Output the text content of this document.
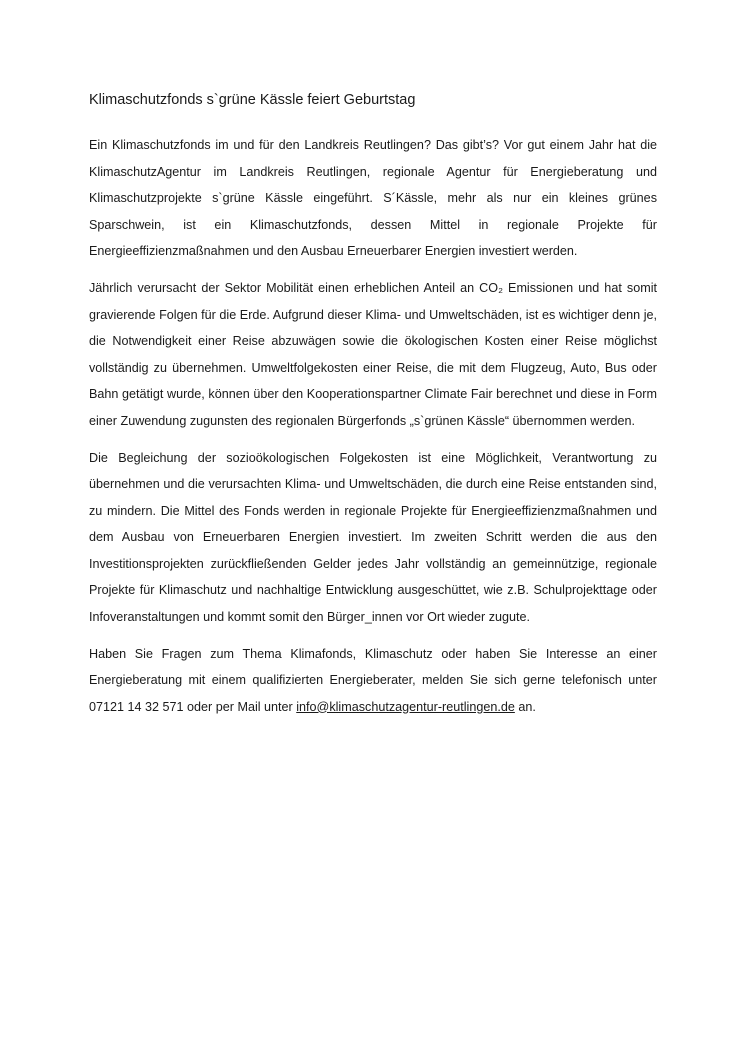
Klimaschutzfonds s`grüne Kässle feiert Geburtstag

Ein Klimaschutzfonds im und für den Landkreis Reutlingen? Das gibt’s? Vor gut einem Jahr hat die KlimaschutzAgentur im Landkreis Reutlingen, regionale Agentur für Energieberatung und Klimaschutzprojekte s`grüne Kässle eingeführt. S´Kässle, mehr als nur ein kleines grünes Sparschwein, ist ein Klimaschutzfonds, dessen Mittel in regionale Projekte für Energieeffizienzmaßnahmen und den Ausbau Erneuerbarer Energien investiert werden.

Jährlich verursacht der Sektor Mobilität einen erheblichen Anteil an CO₂ Emissionen und hat somit gravierende Folgen für die Erde. Aufgrund dieser Klima- und Umweltschäden, ist es wichtiger denn je, die Notwendigkeit einer Reise abzuwägen sowie die ökologischen Kosten einer Reise möglichst vollständig zu übernehmen. Umweltfolgekosten einer Reise, die mit dem Flugzeug, Auto, Bus oder Bahn getätigt wurde, können über den Kooperationspartner Climate Fair berechnet und diese in Form einer Zuwendung zugunsten des regionalen Bürgerfonds „s`grünen Kässle“ übernommen werden.

Die Begleichung der sozioökologischen Folgekosten ist eine Möglichkeit, Verantwortung zu übernehmen und die verursachten Klima- und Umweltschäden, die durch eine Reise entstanden sind, zu mindern. Die Mittel des Fonds werden in regionale Projekte für Energieeffizienzmaßnahmen und dem Ausbau von Erneuerbaren Energien investiert. Im zweiten Schritt werden die aus den Investitionsprojekten zurückfließenden Gelder jedes Jahr vollständig an gemeinnützige, regionale Projekte für Klimaschutz und nachhaltige Entwicklung ausgeschüttet, wie z.B. Schulprojekttage oder Infoveranstaltungen und kommt somit den Bürger_innen vor Ort wieder zugute.

Haben Sie Fragen zum Thema Klimafonds, Klimaschutz oder haben Sie Interesse an einer Energieberatung mit einem qualifizierten Energieberater, melden Sie sich gerne telefonisch unter 07121 14 32 571 oder per Mail unter info@klimaschutzagentur-reutlingen.de an.
